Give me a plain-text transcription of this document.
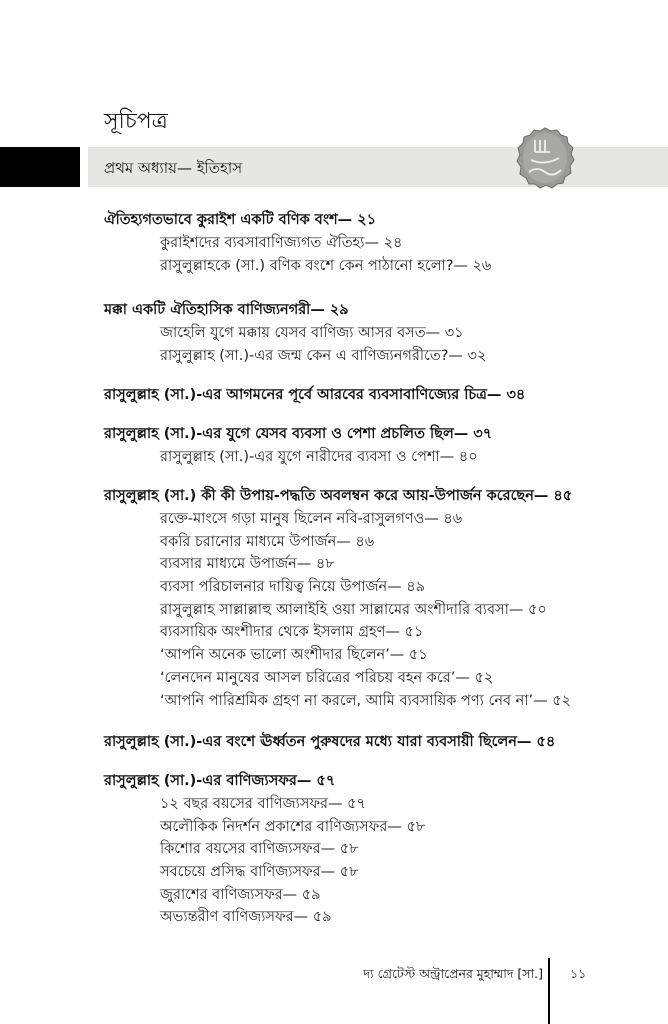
সূচিপত্র
প্রথম অধ্যায়— ইতিহাস
ঐতিহ্যগতভাবে কুরাইশ একটি বণিক বংশ— ২১
কুরাইশদের ব্যবসাবাণিজ্যগত ঐতিহ্য— ২৪
রাসুলুল্লাহকে (সা.) বণিক বংশে কেন পাঠানো হলো?— ২৬
মক্কা একটি ঐতিহাসিক বাণিজ্যনগরী— ২৯
জাহেলি যুগে মক্কায় যেসব বাণিজ্য আসর বসত— ৩১
রাসুলুল্লাহ (সা.)-এর জন্ম কেন এ বাণিজ্যনগরীতে?— ৩২
রাসুলুল্লাহ (সা.)-এর আগমনের পূর্বে আরবের ব্যবসাবাণিজ্যের চিত্র— ৩৪
রাসুলুল্লাহ (সা.)-এর যুগে যেসব ব্যবসা ও পেশা প্রচলিত ছিল— ৩৭
রাসুলুল্লাহ (সা.)-এর যুগে নারীদের ব্যবসা ও পেশা— ৪০
রাসুলুল্লাহ (সা.) কী কী উপায়-পদ্ধতি অবলম্বন করে আয়-উপার্জন করেছেন— ৪৫
রক্তে-মাংসে গড়া মানুষ ছিলেন নবি-রাসুলগণও— ৪৬
বকরি চরানোর মাধ্যমে উপার্জন— ৪৬
ব্যবসার মাধ্যমে উপার্জন— ৪৮
ব্যবসা পরিচালনার দায়িত্ব নিয়ে উপার্জন— ৪৯
রাসুলুল্লাহ সাল্লাল্লাহু আলাইহি ওয়া সাল্লামের অংশীদারি ব্যবসা— ৫০
ব্যবসায়িক অংশীদার থেকে ইসলাম গ্রহণ— ৫১
‘আপনি অনেক ভালো অংশীদার ছিলেন’— ৫১
‘লেনদেন মানুষের আসল চরিত্রের পরিচয় বহন করে’— ৫২
‘আপনি পারিশ্রমিক গ্রহণ না করলে, আমি ব্যবসায়িক পণ্য নেব না’— ৫২
রাসুলুল্লাহ (সা.)-এর বংশে ঊর্ধ্বতন পুরুষদের মধ্যে যারা ব্যবসায়ী ছিলেন— ৫৪
রাসুলুল্লাহ (সা.)-এর বাণিজ্যসফর— ৫৭
১২ বছর বয়সের বাণিজ্যসফর— ৫৭
অলৌকিক নিদর্শন প্রকাশের বাণিজ্যসফর— ৫৮
কিশোর বয়সের বাণিজ্যসফর— ৫৮
সবচেয়ে প্রসিদ্ধ বাণিজ্যসফর— ৫৮
জুরাশের বাণিজ্যসফর— ৫৯
অভ্যন্তরীণ বাণিজ্যসফর— ৫৯
দ্য গ্রেটেস্ট অন্ট্রাপ্রেনর মুহাম্মাদ [সা.] ১১
